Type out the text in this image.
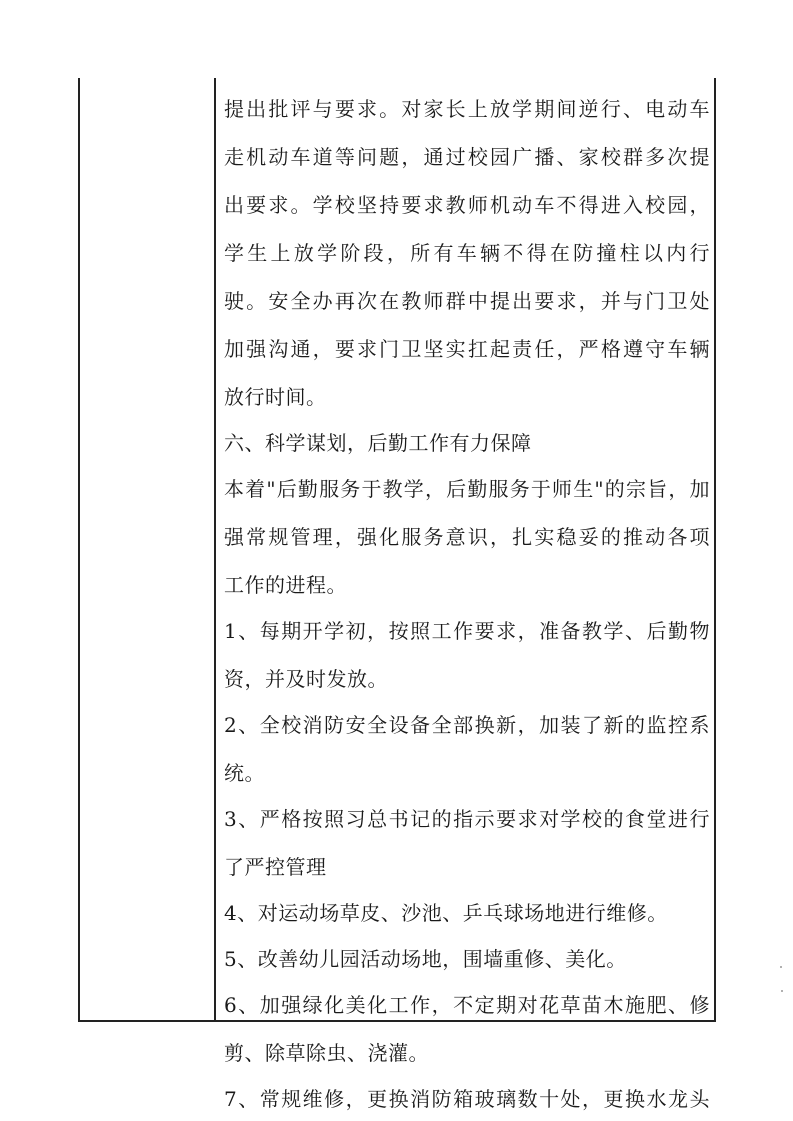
提出批评与要求。对家长上放学期间逆行、电动车
走机动车道等问题，通过校园广播、家校群多次提
出要求。学校坚持要求教师机动车不得进入校园，
学生上放学阶段，所有车辆不得在防撞柱以内行
驶。安全办再次在教师群中提出要求，并与门卫处
加强沟通，要求门卫坚实扛起责任，严格遵守车辆
放行时间。
六、科学谋划，后勤工作有力保障
本着"后勤服务于教学，后勤服务于师生"的宗旨，加
强常规管理，强化服务意识，扎实稳妥的推动各项
工作的进程。
1、每期开学初，按照工作要求，准备教学、后勤物
资，并及时发放。
2、全校消防安全设备全部换新，加装了新的监控系
统。
3、严格按照习总书记的指示要求对学校的食堂进行
了严控管理
4、对运动场草皮、沙池、乒乓球场地进行维修。
5、改善幼儿园活动场地，围墙重修、美化。
6、加强绿化美化工作，不定期对花草苗木施肥、修
剪、除草除虫、浇灌。
7、常规维修，更换消防箱玻璃数十处，更换水龙头
